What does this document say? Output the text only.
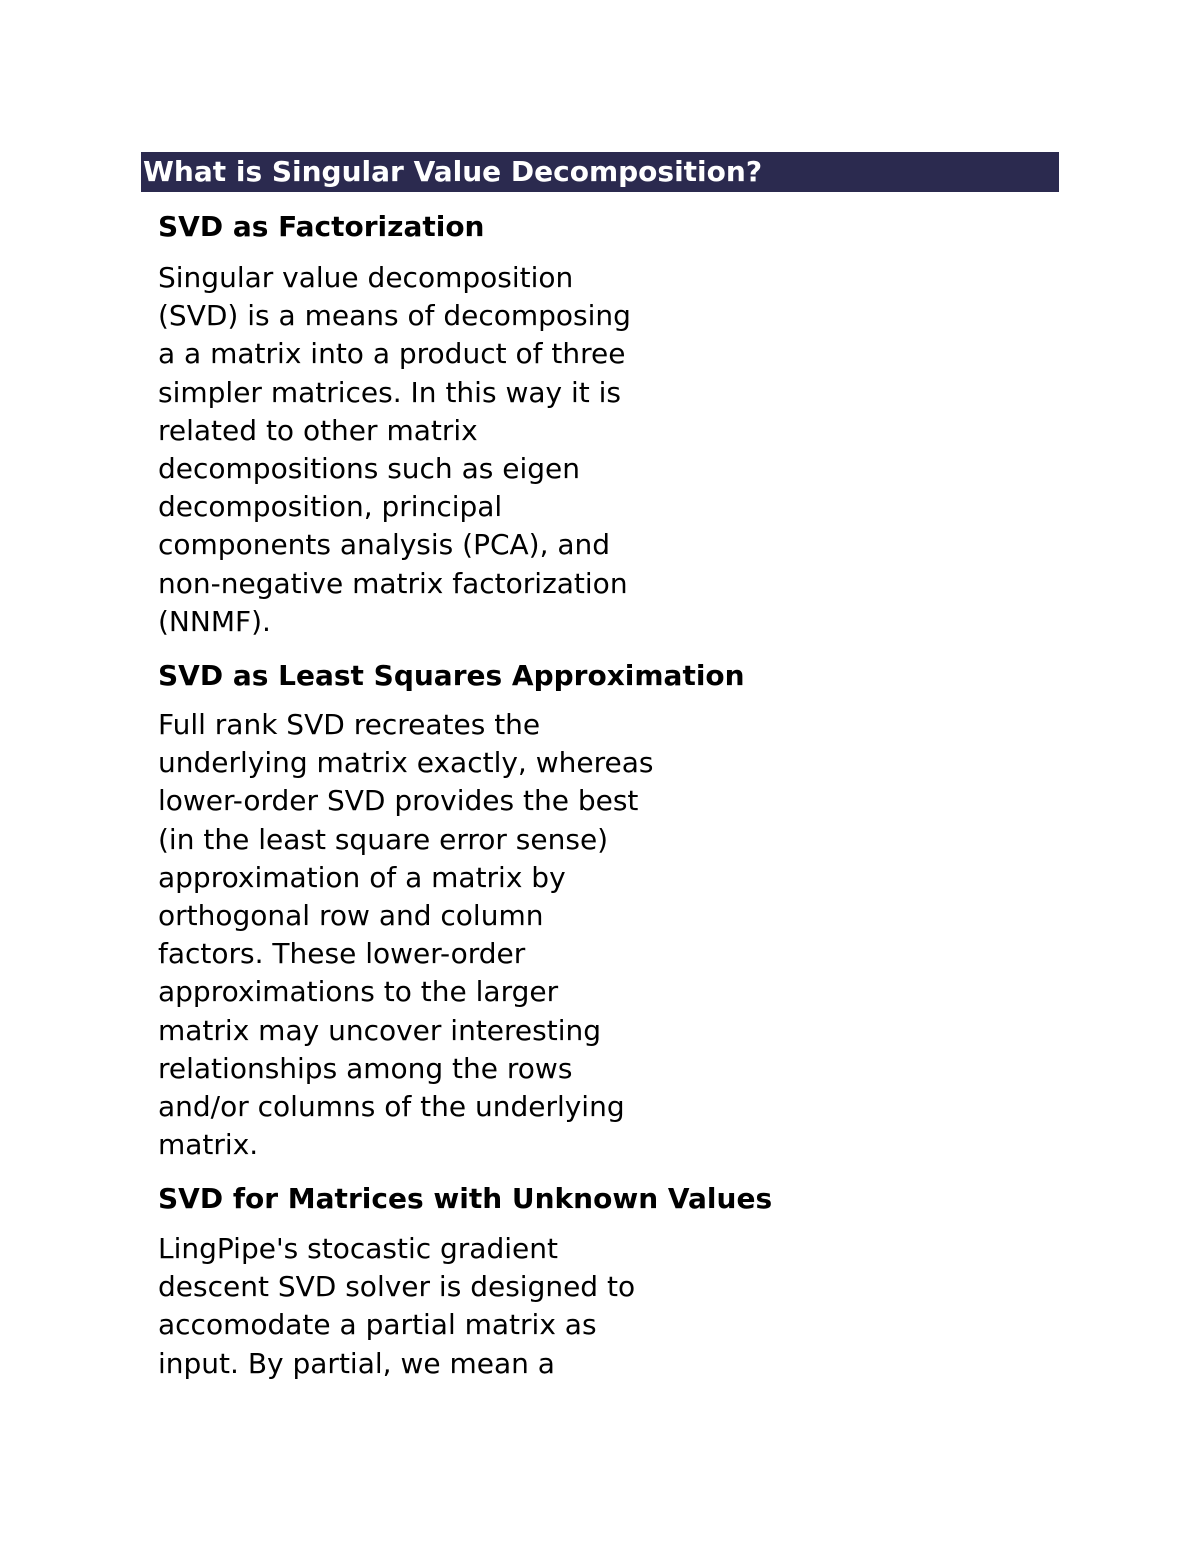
What is Singular Value Decomposition?
SVD as Factorization
Singular value decomposition
(SVD) is a means of decomposing
a a matrix into a product of three
simpler matrices. In this way it is
related to other matrix
decompositions such as eigen
decomposition, principal
components analysis (PCA), and
non-negative matrix factorization
(NNMF).
SVD as Least Squares Approximation
Full rank SVD recreates the
underlying matrix exactly, whereas
lower-order SVD provides the best
(in the least square error sense)
approximation of a matrix by
orthogonal row and column
factors. These lower-order
approximations to the larger
matrix may uncover interesting
relationships among the rows
and/or columns of the underlying
matrix.
SVD for Matrices with Unknown Values
LingPipe's stocastic gradient
descent SVD solver is designed to
accomodate a partial matrix as
input. By partial, we mean a
